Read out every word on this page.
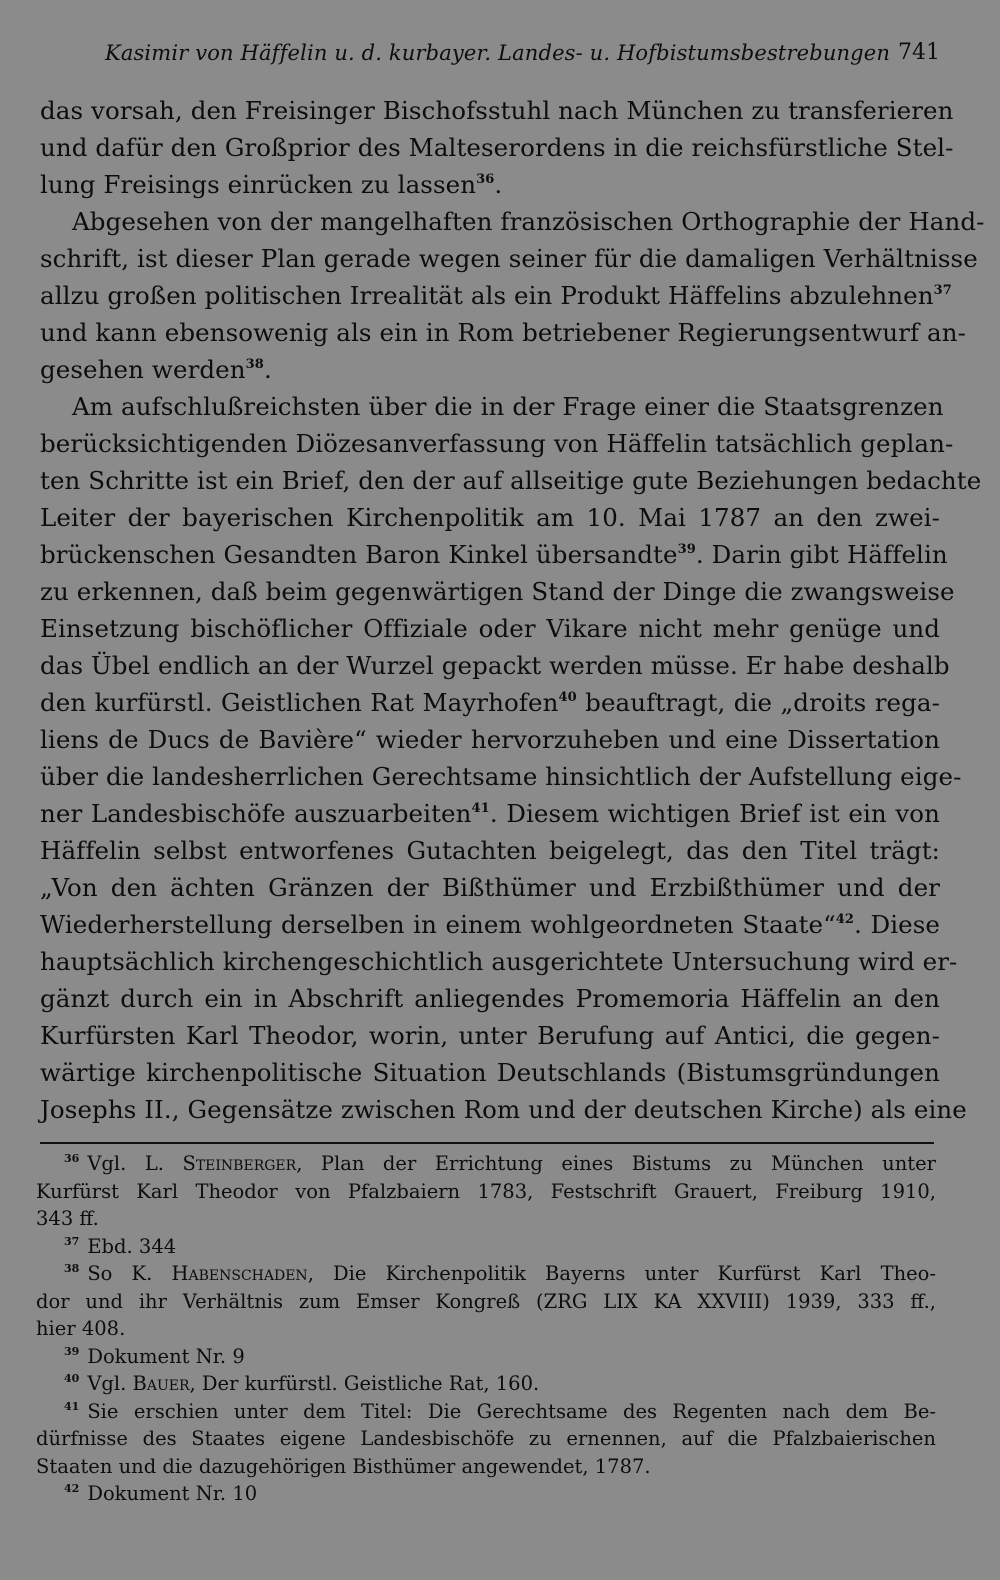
Kasimir von Häffelin u. d. kurbayer. Landes- u. Hofbistumsbestrebungen 741
das vorsah, den Freisinger Bischofsstuhl nach München zu transferieren
und dafür den Großprior des Malteserordens in die reichsfürstliche Stel-
lung Freisings einrücken zu lassen$^{36}$.
Abgesehen von der mangelhaften französischen Orthographie der Hand-
schrift, ist dieser Plan gerade wegen seiner für die damaligen Verhältnisse
allzu großen politischen Irrealität als ein Produkt Häffelins abzulehnen$^{37}$
und kann ebensowenig als ein in Rom betriebener Regierungsentwurf an-
gesehen werden$^{38}$.
Am aufschlußreichsten über die in der Frage einer die Staatsgrenzen
berücksichtigenden Diözesanverfassung von Häffelin tatsächlich geplan-
ten Schritte ist ein Brief, den der auf allseitige gute Beziehungen bedachte
Leiter der bayerischen Kirchenpolitik am 10. Mai 1787 an den zwei-
brückenschen Gesandten Baron Kinkel übersandte$^{39}$. Darin gibt Häffelin
zu erkennen, daß beim gegenwärtigen Stand der Dinge die zwangsweise
Einsetzung bischöflicher Offiziale oder Vikare nicht mehr genüge und
das Übel endlich an der Wurzel gepackt werden müsse. Er habe deshalb
den kurfürstl. Geistlichen Rat Mayrhofen$^{40}$ beauftragt, die „droits rega-
liens de Ducs de Bavière“ wieder hervorzuheben und eine Dissertation
über die landesherrlichen Gerechtsame hinsichtlich der Aufstellung eige-
ner Landesbischöfe auszuarbeiten$^{41}$. Diesem wichtigen Brief ist ein von
Häffelin selbst entworfenes Gutachten beigelegt, das den Titel trägt:
„Von den ächten Gränzen der Bißthümer und Erzbißthümer und der
Wiederherstellung derselben in einem wohlgeordneten Staate“$^{42}$. Diese
hauptsächlich kirchengeschichtlich ausgerichtete Untersuchung wird er-
gänzt durch ein in Abschrift anliegendes Promemoria Häffelin an den
Kurfürsten Karl Theodor, worin, unter Berufung auf Antici, die gegen-
wärtige kirchenpolitische Situation Deutschlands (Bistumsgründungen
Josephs II., Gegensätze zwischen Rom und der deutschen Kirche) als eine
$^{36}$ Vgl. L. Steinberger, Plan der Errichtung eines Bistums zu München unter
Kurfürst Karl Theodor von Pfalzbaiern 1783, Festschrift Grauert, Freiburg 1910,
343 ff.
$^{37}$ Ebd. 344
$^{38}$ So K. Habenschaden, Die Kirchenpolitik Bayerns unter Kurfürst Karl Theo-
dor und ihr Verhältnis zum Emser Kongreß (ZRG LIX KA XXVIII) 1939, 333 ff.,
hier 408.
$^{39}$ Dokument Nr. 9
$^{40}$ Vgl. Bauer, Der kurfürstl. Geistliche Rat, 160.
$^{41}$ Sie erschien unter dem Titel: Die Gerechtsame des Regenten nach dem Be-
dürfnisse des Staates eigene Landesbischöfe zu ernennen, auf die Pfalzbaierischen
Staaten und die dazugehörigen Bisthümer angewendet, 1787.
$^{42}$ Dokument Nr. 10
